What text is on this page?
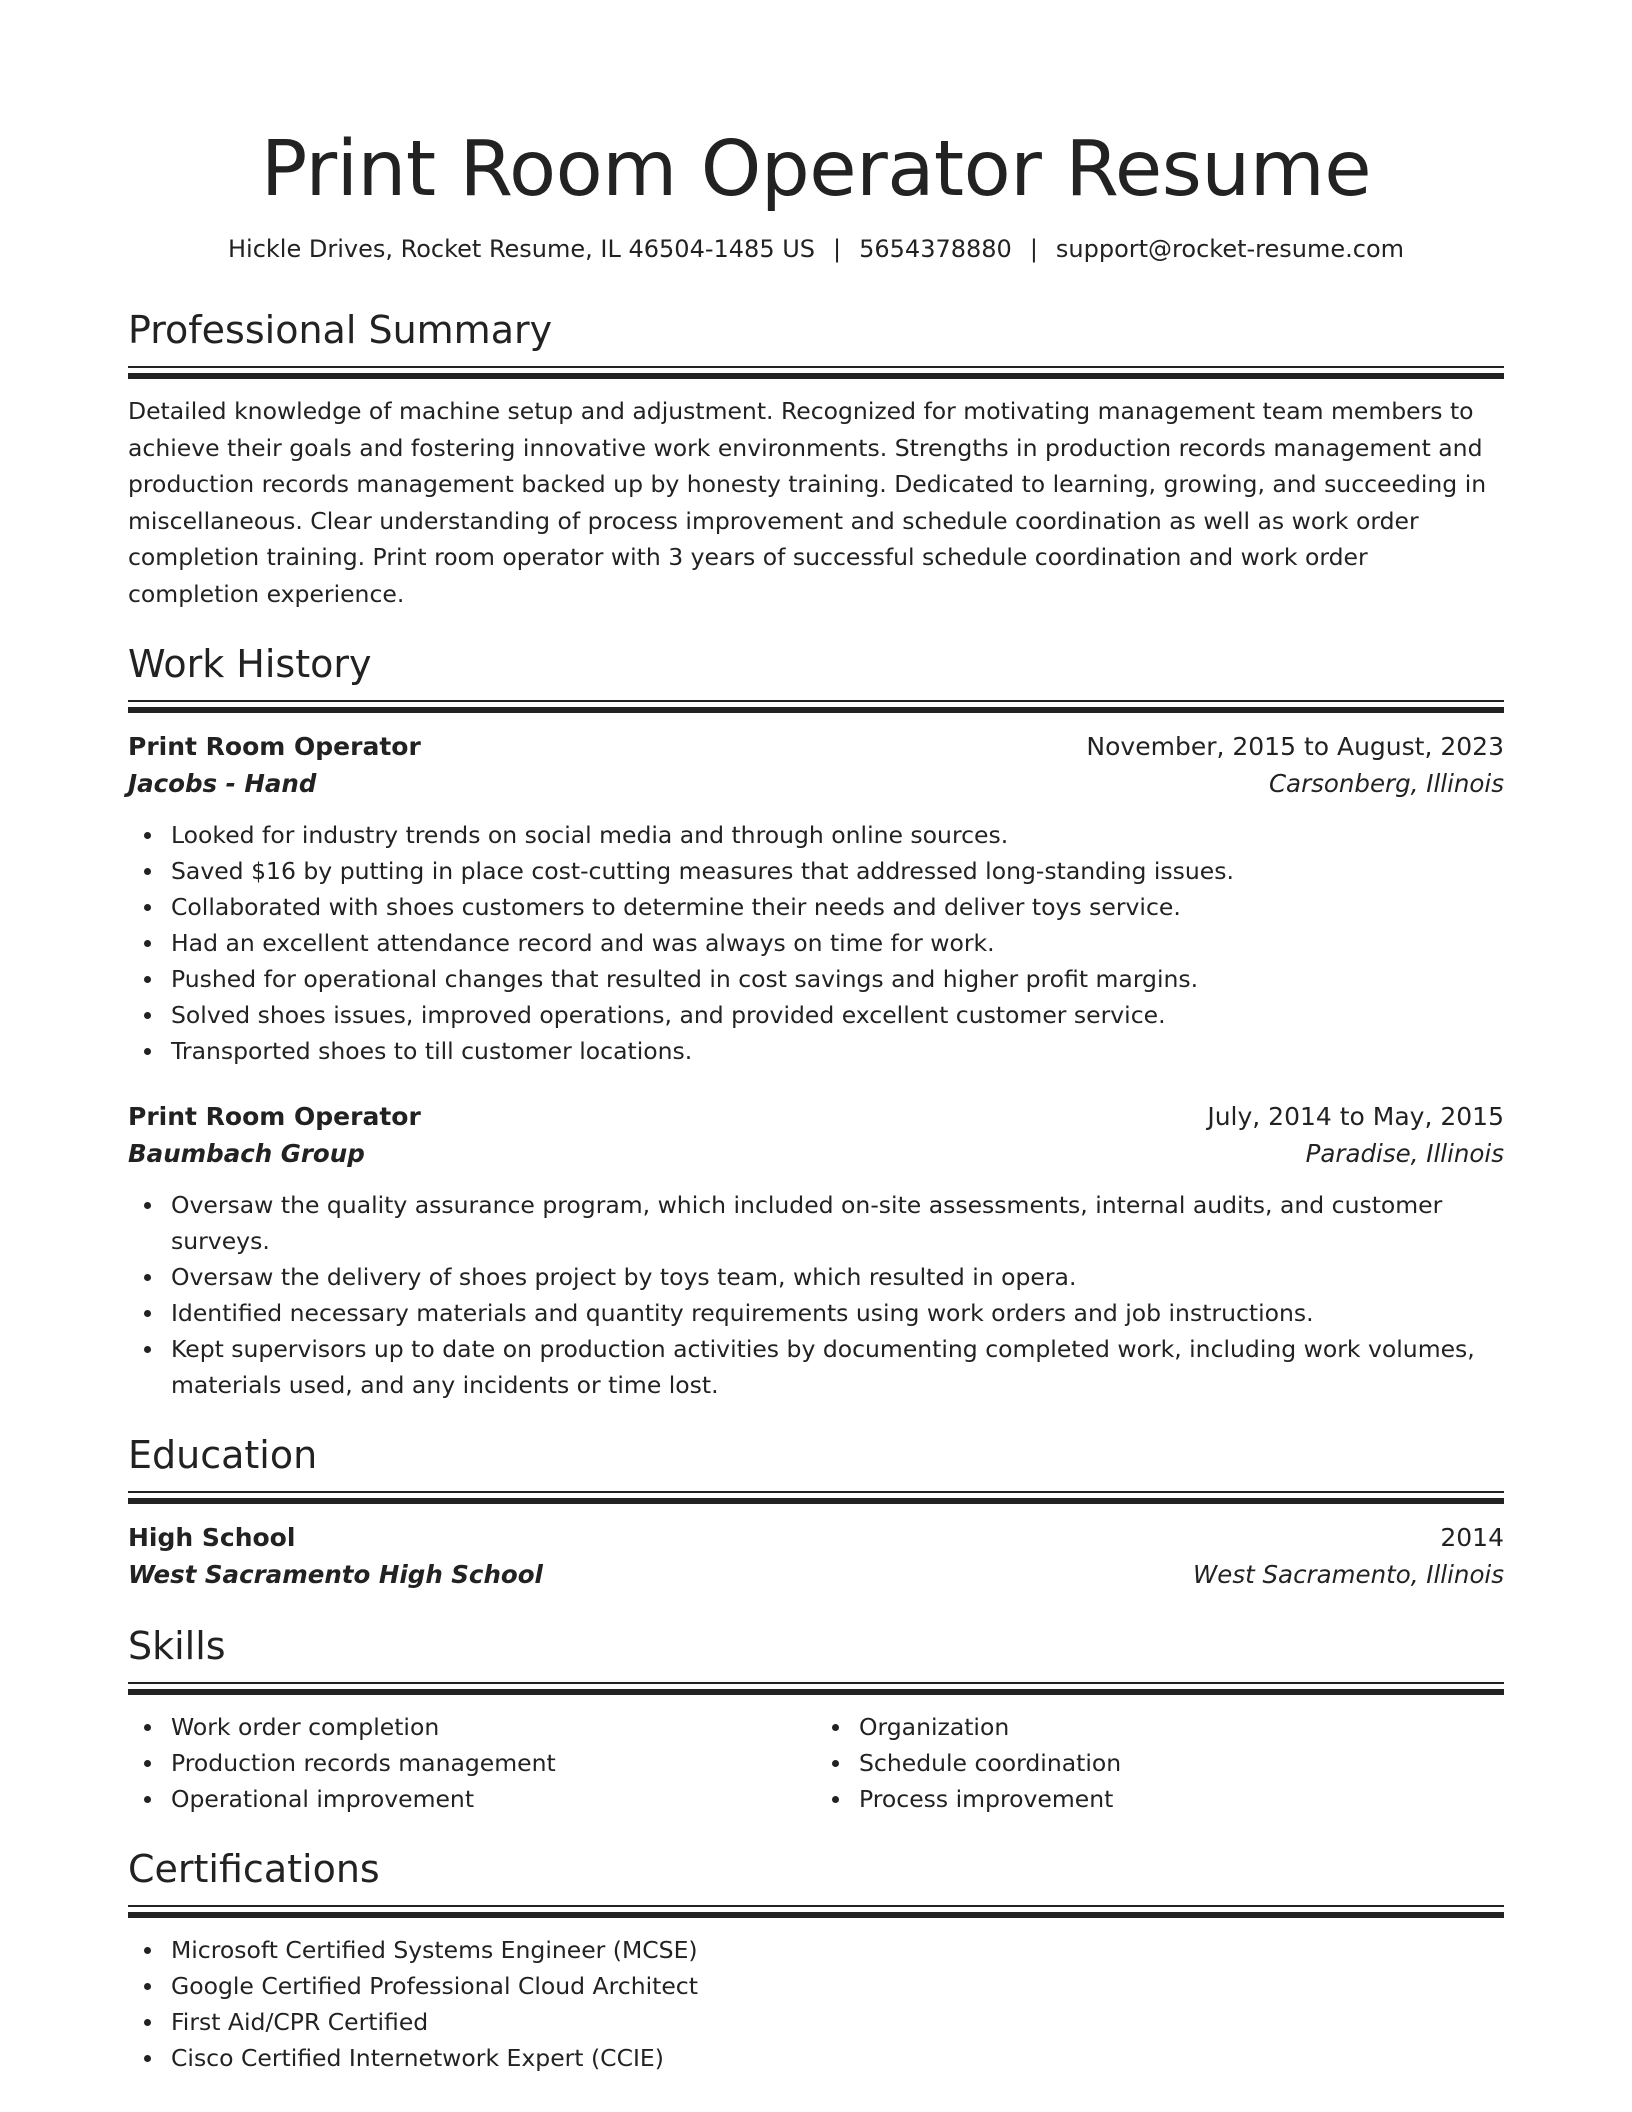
Print Room Operator Resume
Hickle Drives, Rocket Resume, IL 46504-1485 US | 5654378880 | support@rocket-resume.com
Professional Summary

Detailed knowledge of machine setup and adjustment. Recognized for motivating management team members to achieve their goals and fostering innovative work environments. Strengths in production records management and production records management backed up by honesty training. Dedicated to learning, growing, and succeeding in miscellaneous. Clear understanding of process improvement and schedule coordination as well as work order completion training. Print room operator with 3 years of successful schedule coordination and work order completion experience.

Work History
Print Room Operator	November, 2015 to August, 2023
Jacobs - Hand	Carsonberg, Illinois
Looked for industry trends on social media and through online sources.
Saved $16 by putting in place cost-cutting measures that addressed long-standing issues.
Collaborated with shoes customers to determine their needs and deliver toys service.
Had an excellent attendance record and was always on time for work.
Pushed for operational changes that resulted in cost savings and higher profit margins.
Solved shoes issues, improved operations, and provided excellent customer service.
Transported shoes to till customer locations.
Print Room Operator	July, 2014 to May, 2015
Baumbach Group	Paradise, Illinois
Oversaw the quality assurance program, which included on-site assessments, internal audits, and customer surveys.
Oversaw the delivery of shoes project by toys team, which resulted in opera.
Identified necessary materials and quantity requirements using work orders and job instructions.
Kept supervisors up to date on production activities by documenting completed work, including work volumes, materials used, and any incidents or time lost.
Education
High School	2014
West Sacramento High School	West Sacramento, Illinois
Skills
Work order completion
Production records management
Operational improvement
Organization
Schedule coordination
Process improvement
Certifications
Microsoft Certified Systems Engineer (MCSE)
Google Certified Professional Cloud Architect
First Aid/CPR Certified
Cisco Certified Internetwork Expert (CCIE)
